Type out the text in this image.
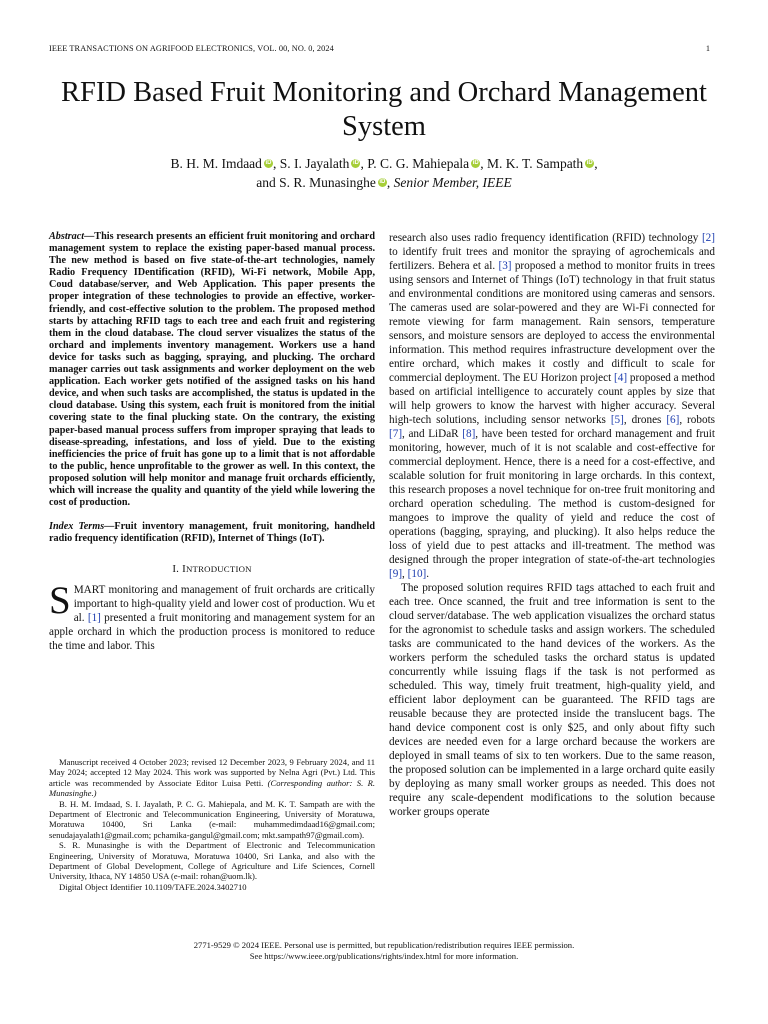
IEEE TRANSACTIONS ON AGRIFOOD ELECTRONICS, VOL. 00, NO. 0, 2024	1
RFID Based Fruit Monitoring and Orchard Management System
B. H. M. Imdaad iD , S. I. Jayalath iD , P. C. G. Mahiepala iD , M. K. T. Sampath iD ,
and S. R. Munasinghe iD , Senior Member, IEEE

Abstract—This research presents an efficient fruit monitoring and orchard management system to replace the existing paper-based manual process. The new method is based on five state-of-the-art technologies, namely Radio Frequency IDentification (RFID), Wi-Fi network, Mobile App, Coud database/server, and Web Application. This paper presents the proper integration of these technologies to provide an effective, worker-friendly, and cost-effective solution to the problem. The proposed method starts by attaching RFID tags to each tree and each fruit and registering them in the cloud database. The cloud server visualizes the status of the orchard and implements inventory management. Workers use a hand device for tasks such as bagging, spraying, and plucking. The orchard manager carries out task assignments and worker deployment on the web application. Each worker gets notified of the assigned tasks on his hand device, and when such tasks are accomplished, the status is updated in the cloud database. Using this system, each fruit is monitored from the initial covering state to the final plucking state. On the contrary, the existing paper-based manual process suffers from improper spraying that leads to disease-spreading, infestations, and loss of yield. Due to the existing inefficiencies the price of fruit has gone up to a limit that is not affordable to the public, hence unprofitable to the grower as well. In this context, the proposed solution will help monitor and manage fruit orchards efficiently, which will increase the quality and quantity of the yield while lowering the cost of production.

Index Terms—Fruit inventory management, fruit monitoring, handheld radio frequency identification (RFID), Internet of Things (IoT).

I. INTRODUCTION

SMART monitoring and management of fruit orchards are critically important to high-quality yield and lower cost of production. Wu et al. [1] presented a fruit monitoring and management system for an apple orchard in which the production process is monitored to reduce the time and labor. This

Manuscript received 4 October 2023; revised 12 December 2023, 9 February 2024, and 11 May 2024; accepted 12 May 2024. This work was supported by Nelna Agri (Pvt.) Ltd. This article was recommended by Associate Editor Luisa Petti. (Corresponding author: S. R. Munasinghe.)

B. H. M. Imdaad, S. I. Jayalath, P. C. G. Mahiepala, and M. K. T. Sampath are with the Department of Electronic and Telecommunication Engineering, University of Moratuwa, Moratuwa 10400, Sri Lanka (e-mail: muhammedimdaad16@gmail.com; senudajayalath1@gmail.com; pchamika-gangul@gmail.com; mkt.sampath97@gmail.com).

S. R. Munasinghe is with the Department of Electronic and Telecommunication Engineering, University of Moratuwa, Moratuwa 10400, Sri Lanka, and also with the Department of Global Development, College of Agriculture and Life Sciences, Cornell University, Ithaca, NY 14850 USA (e-mail: rohan@uom.lk).

Digital Object Identifier 10.1109/TAFE.2024.3402710

research also uses radio frequency identification (RFID) technology [2] to identify fruit trees and monitor the spraying of agrochemicals and fertilizers. Behera et al. [3] proposed a method to monitor fruits in trees using sensors and Internet of Things (IoT) technology in that fruit status and environmental conditions are monitored using cameras and sensors. The cameras used are solar-powered and they are Wi-Fi connected for remote viewing for farm management. Rain sensors, temperature sensors, and moisture sensors are deployed to access the environmental information. This method requires infrastructure development over the entire orchard, which makes it costly and difficult to scale for commercial deployment. The EU Horizon project [4] proposed a method based on artificial intelligence to accurately count apples by size that will help growers to know the harvest with higher accuracy. Several high-tech solutions, including sensor networks [5], drones [6], robots [7], and LiDaR [8], have been tested for orchard management and fruit monitoring, however, much of it is not scalable and cost-effective for commercial deployment. Hence, there is a need for a cost-effective, and scalable solution for fruit monitoring in large orchards. In this context, this research proposes a novel technique for on-tree fruit monitoring and orchard operation scheduling. The method is custom-designed for mangoes to improve the quality of yield and reduce the cost of operations (bagging, spraying, and plucking). It also helps reduce the loss of yield due to pest attacks and ill-treatment. The method was designed through the proper integration of state-of-the-art technologies [9], [10].

The proposed solution requires RFID tags attached to each fruit and each tree. Once scanned, the fruit and tree information is sent to the cloud server/database. The web application visualizes the orchard status for the agronomist to schedule tasks and assign workers. The scheduled tasks are communicated to the hand devices of the workers. As the workers perform the scheduled tasks the orchard status is updated concurrently while issuing flags if the task is not performed as scheduled. This way, timely fruit treatment, high-quality yield, and efficient labor deployment can be guaranteed. The RFID tags are reusable because they are protected inside the translucent bags. The hand device component cost is only $25, and only about fifty such devices are needed even for a large orchard because the workers are deployed in small teams of six to ten workers. Due to the same reason, the proposed solution can be implemented in a large orchard quite easily by deploying as many small worker groups as needed. This does not require any scale-dependent modifications to the solution because worker groups operate

2771-9529 © 2024 IEEE. Personal use is permitted, but republication/redistribution requires IEEE permission.
See https://www.ieee.org/publications/rights/index.html for more information.
